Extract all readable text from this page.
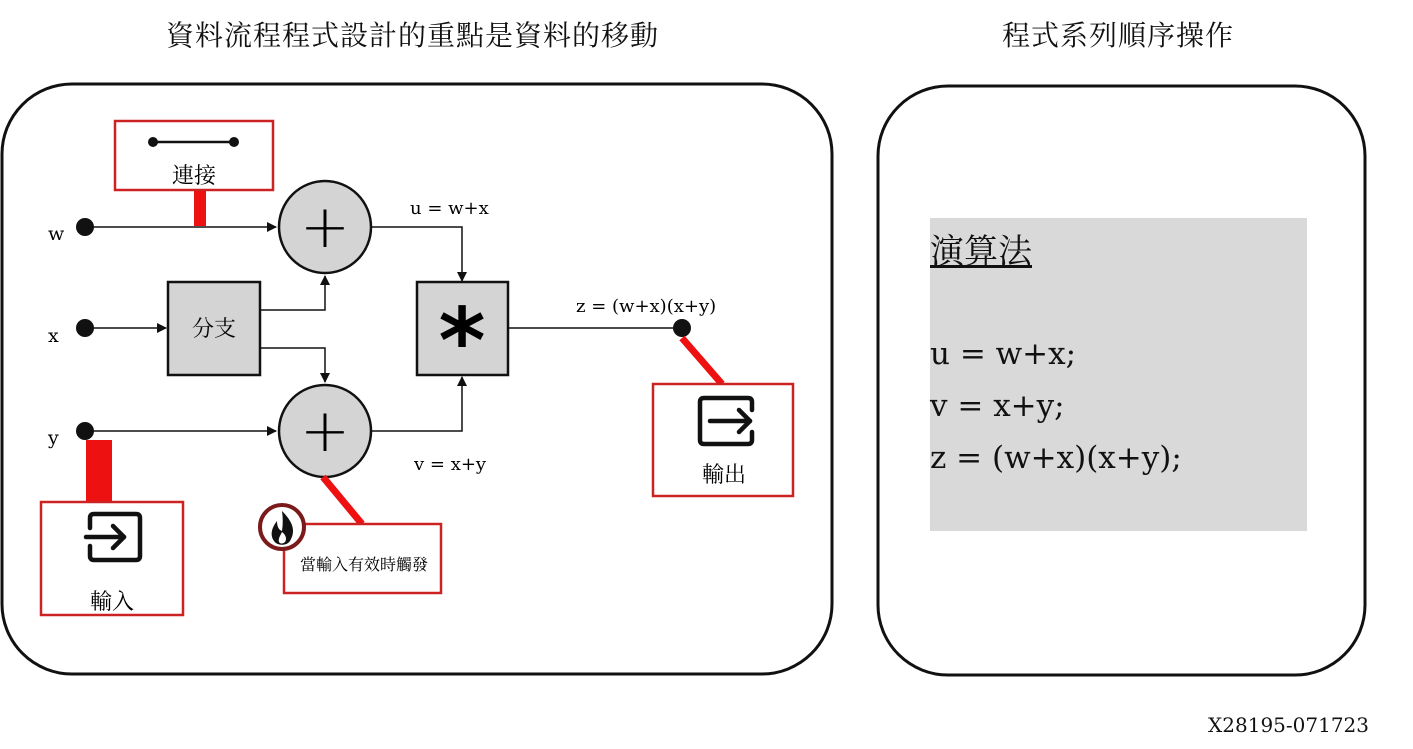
資料流程程式設計的重點是資料的移動	程式系列順序操作
w
x
y
+
+
分支 *
u = w+x
v = x+y
z = (w+x)(x+y)
連接
輸入
輸出
當輸入有效時觸發
演算法
u = w+x;
v = x+y;
z = (w+x)(x+y);
X28195-071723
